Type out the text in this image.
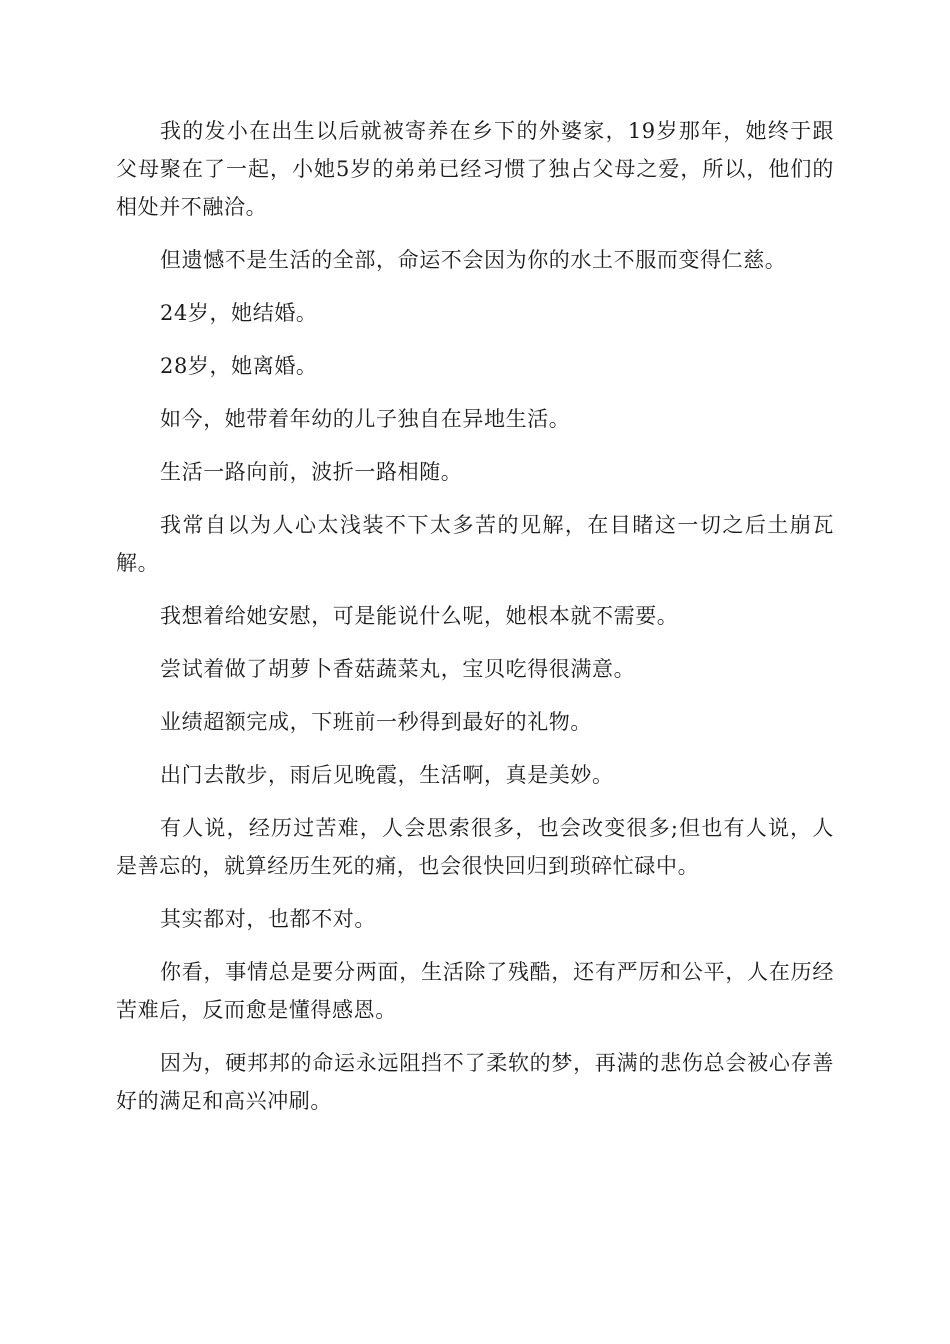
我的发小在出生以后就被寄养在乡下的外婆家，19岁那年，她终于跟父母聚在了一起，小她5岁的弟弟已经习惯了独占父母之爱，所以，他们的相处并不融洽。

但遗憾不是生活的全部，命运不会因为你的水土不服而变得仁慈。

24岁，她结婚。

28岁，她离婚。

如今，她带着年幼的儿子独自在异地生活。

生活一路向前，波折一路相随。

我常自以为人心太浅装不下太多苦的见解，在目睹这一切之后土崩瓦解。

我想着给她安慰，可是能说什么呢，她根本就不需要。

尝试着做了胡萝卜香菇蔬菜丸，宝贝吃得很满意。

业绩超额完成，下班前一秒得到最好的礼物。

出门去散步，雨后见晚霞，生活啊，真是美妙。

有人说，经历过苦难，人会思索很多，也会改变很多;但也有人说，人是善忘的，就算经历生死的痛，也会很快回归到琐碎忙碌中。

其实都对，也都不对。

你看，事情总是要分两面，生活除了残酷，还有严厉和公平，人在历经苦难后，反而愈是懂得感恩。

因为，硬邦邦的命运永远阻挡不了柔软的梦，再满的悲伤总会被心存善好的满足和高兴冲刷。
